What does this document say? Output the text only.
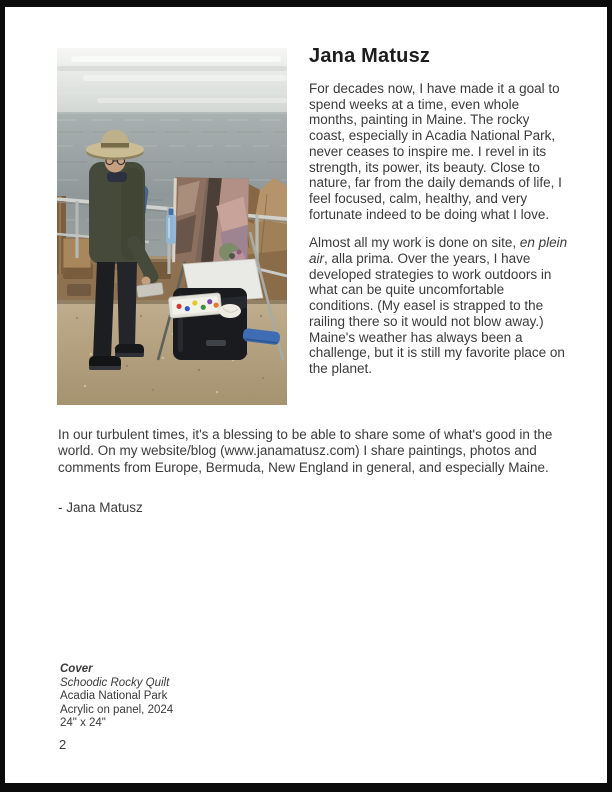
Jana Matusz

For decades now, I have made it a goal to spend weeks at a time, even whole months, painting in Maine. The rocky coast, especially in Acadia National Park, never ceases to inspire me. I revel in its strength, its power, its beauty. Close to nature, far from the daily demands of life, I feel focused, calm, healthy, and very fortunate indeed to be doing what I love.

Almost all my work is done on site, en plein air, alla prima. Over the years, I have developed strategies to work outdoors in what can be quite uncomfortable conditions. (My easel is strapped to the railing there so it would not blow away.) Maine's weather has always been a challenge, but it is still my favorite place on the planet.

In our turbulent times, it's a blessing to be able to share some of what's good in the world. On my website/blog (www.janamatusz.com) I share paintings, photos and comments from Europe, Bermuda, New England in general, and especially Maine.

- Jana Matusz

Cover
Schoodic Rocky Quilt
Acadia National Park
Acrylic on panel, 2024
24" x 24"
2
